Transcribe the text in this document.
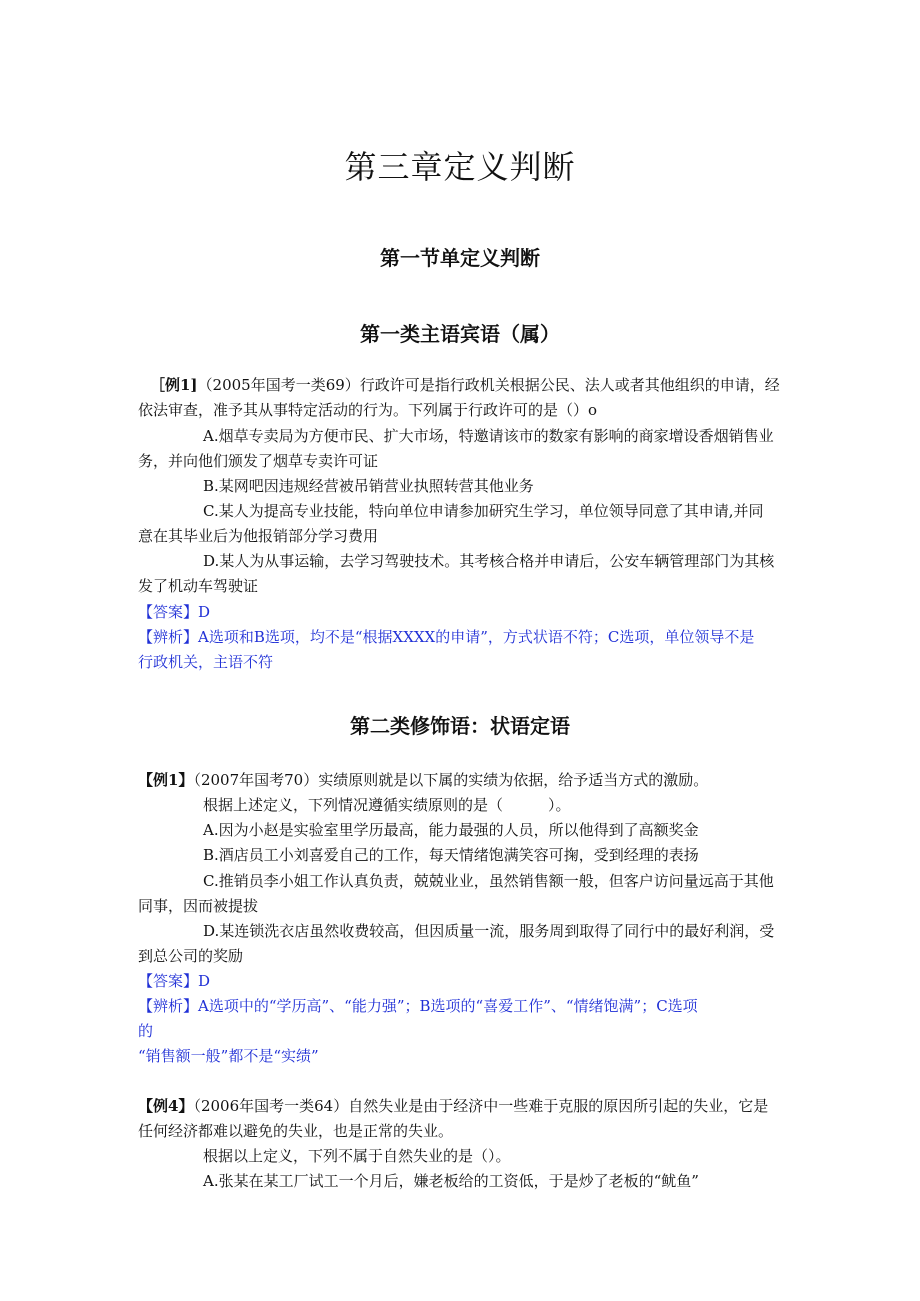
第三章定义判断
第一节单定义判断
第一类主语宾语（属）
［例1]（2005年国考一类69）行政许可是指行政机关根据公民、法人或者其他组织的申请，经
依法审查，准予其从事特定活动的行为。下列属于行政许可的是（）o
A.烟草专卖局为方便市民、扩大市场，特邀请该市的数家有影响的商家增设香烟销售业
务，并向他们颁发了烟草专卖许可证
B.某网吧因违规经营被吊销营业执照转营其他业务
C.某人为提高专业技能，特向单位申请参加研究生学习，单位领导同意了其申请,并同
意在其毕业后为他报销部分学习费用
D.某人为从事运输，去学习驾驶技术。其考核合格并申请后，公安车辆管理部门为其核
发了机动车驾驶证
【答案】D
【辨析】A选项和B选项，均不是“根据XXXX的申请”，方式状语不符；C选项，单位领导不是
行政机关，主语不符
第二类修饰语：状语定语
【例1】（2007年国考70）实绩原则就是以下属的实绩为依据，给予适当方式的激励。
根据上述定义，下列情况遵循实绩原则的是（　　　）。
A.因为小赵是实验室里学历最高，能力最强的人员，所以他得到了高额奖金
B.酒店员工小刘喜爱自己的工作，每天情绪饱满笑容可掬，受到经理的表扬
C.推销员李小姐工作认真负责，兢兢业业，虽然销售额一般，但客户访问量远高于其他
同事，因而被提拔
D.某连锁洗衣店虽然收费较高，但因质量一流，服务周到取得了同行中的最好利润，受
到总公司的奖励
【答案】D
【辨析】A选项中的“学历高”、“能力强”；B选项的“喜爱工作”、“情绪饱满”；C选项
的
“销售额一般”都不是“实绩”
【例4】（2006年国考一类64）自然失业是由于经济中一些难于克服的原因所引起的失业，它是
任何经济都难以避免的失业，也是正常的失业。
根据以上定义，下列不属于自然失业的是（）。
A.张某在某工厂试工一个月后，嫌老板给的工资低，于是炒了老板的“鱿鱼”
